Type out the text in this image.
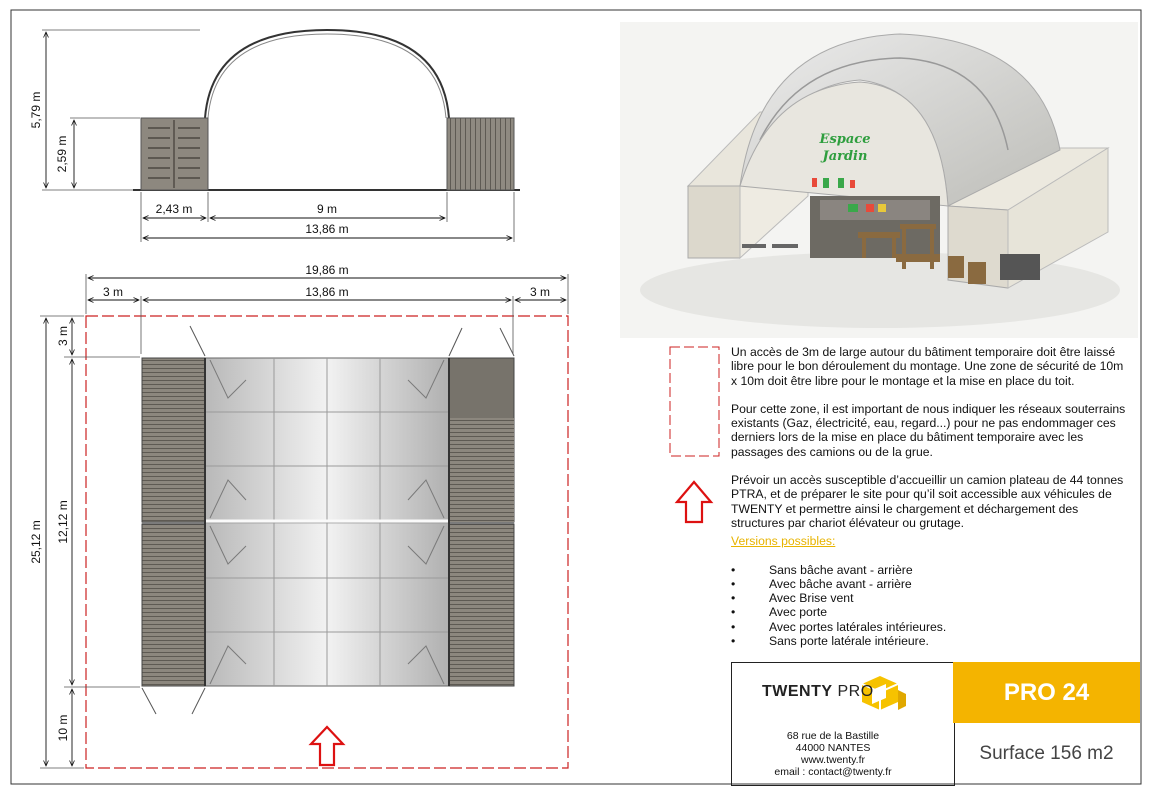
5,79 m
2,59 m
2,43 m	9 m
13,86 m
19,86 m
3 m	13,86 m	3 m
25,12 m
3 m
12,12 m
10 m
Espace
Jardin

Un accès de 3m de large autour du bâtiment temporaire doit être laissé libre pour le bon déroulement du montage. Une zone de sécurité de 10m x 10m doit être libre pour le montage et la mise en place du toit.

Pour cette zone, il est important de nous indiquer les réseaux souterrains existants (Gaz, électricité, eau, regard...) pour ne pas endommager ces derniers lors de la mise en place du bâtiment temporaire avec les passages des camions ou de la grue.

Prévoir un accès susceptible d’accueillir un camion plateau de 44 tonnes PTRA, et de préparer le site pour qu’il soit accessible aux véhicules de TWENTY et permettre ainsi le chargement et déchargement des structures par chariot élévateur ou grutage.

Versions possibles:

• Sans bâche avant - arrière
• Avec bâche avant - arrière
• Avec Brise vent
• Avec porte
• Avec portes latérales intérieures.
• Sans porte latérale intérieure.
TWENTY PRO
68 rue de la Bastille
44000 NANTES
www.twenty.fr
email : contact@twenty.fr
PRO 24
Surface 156 m2
